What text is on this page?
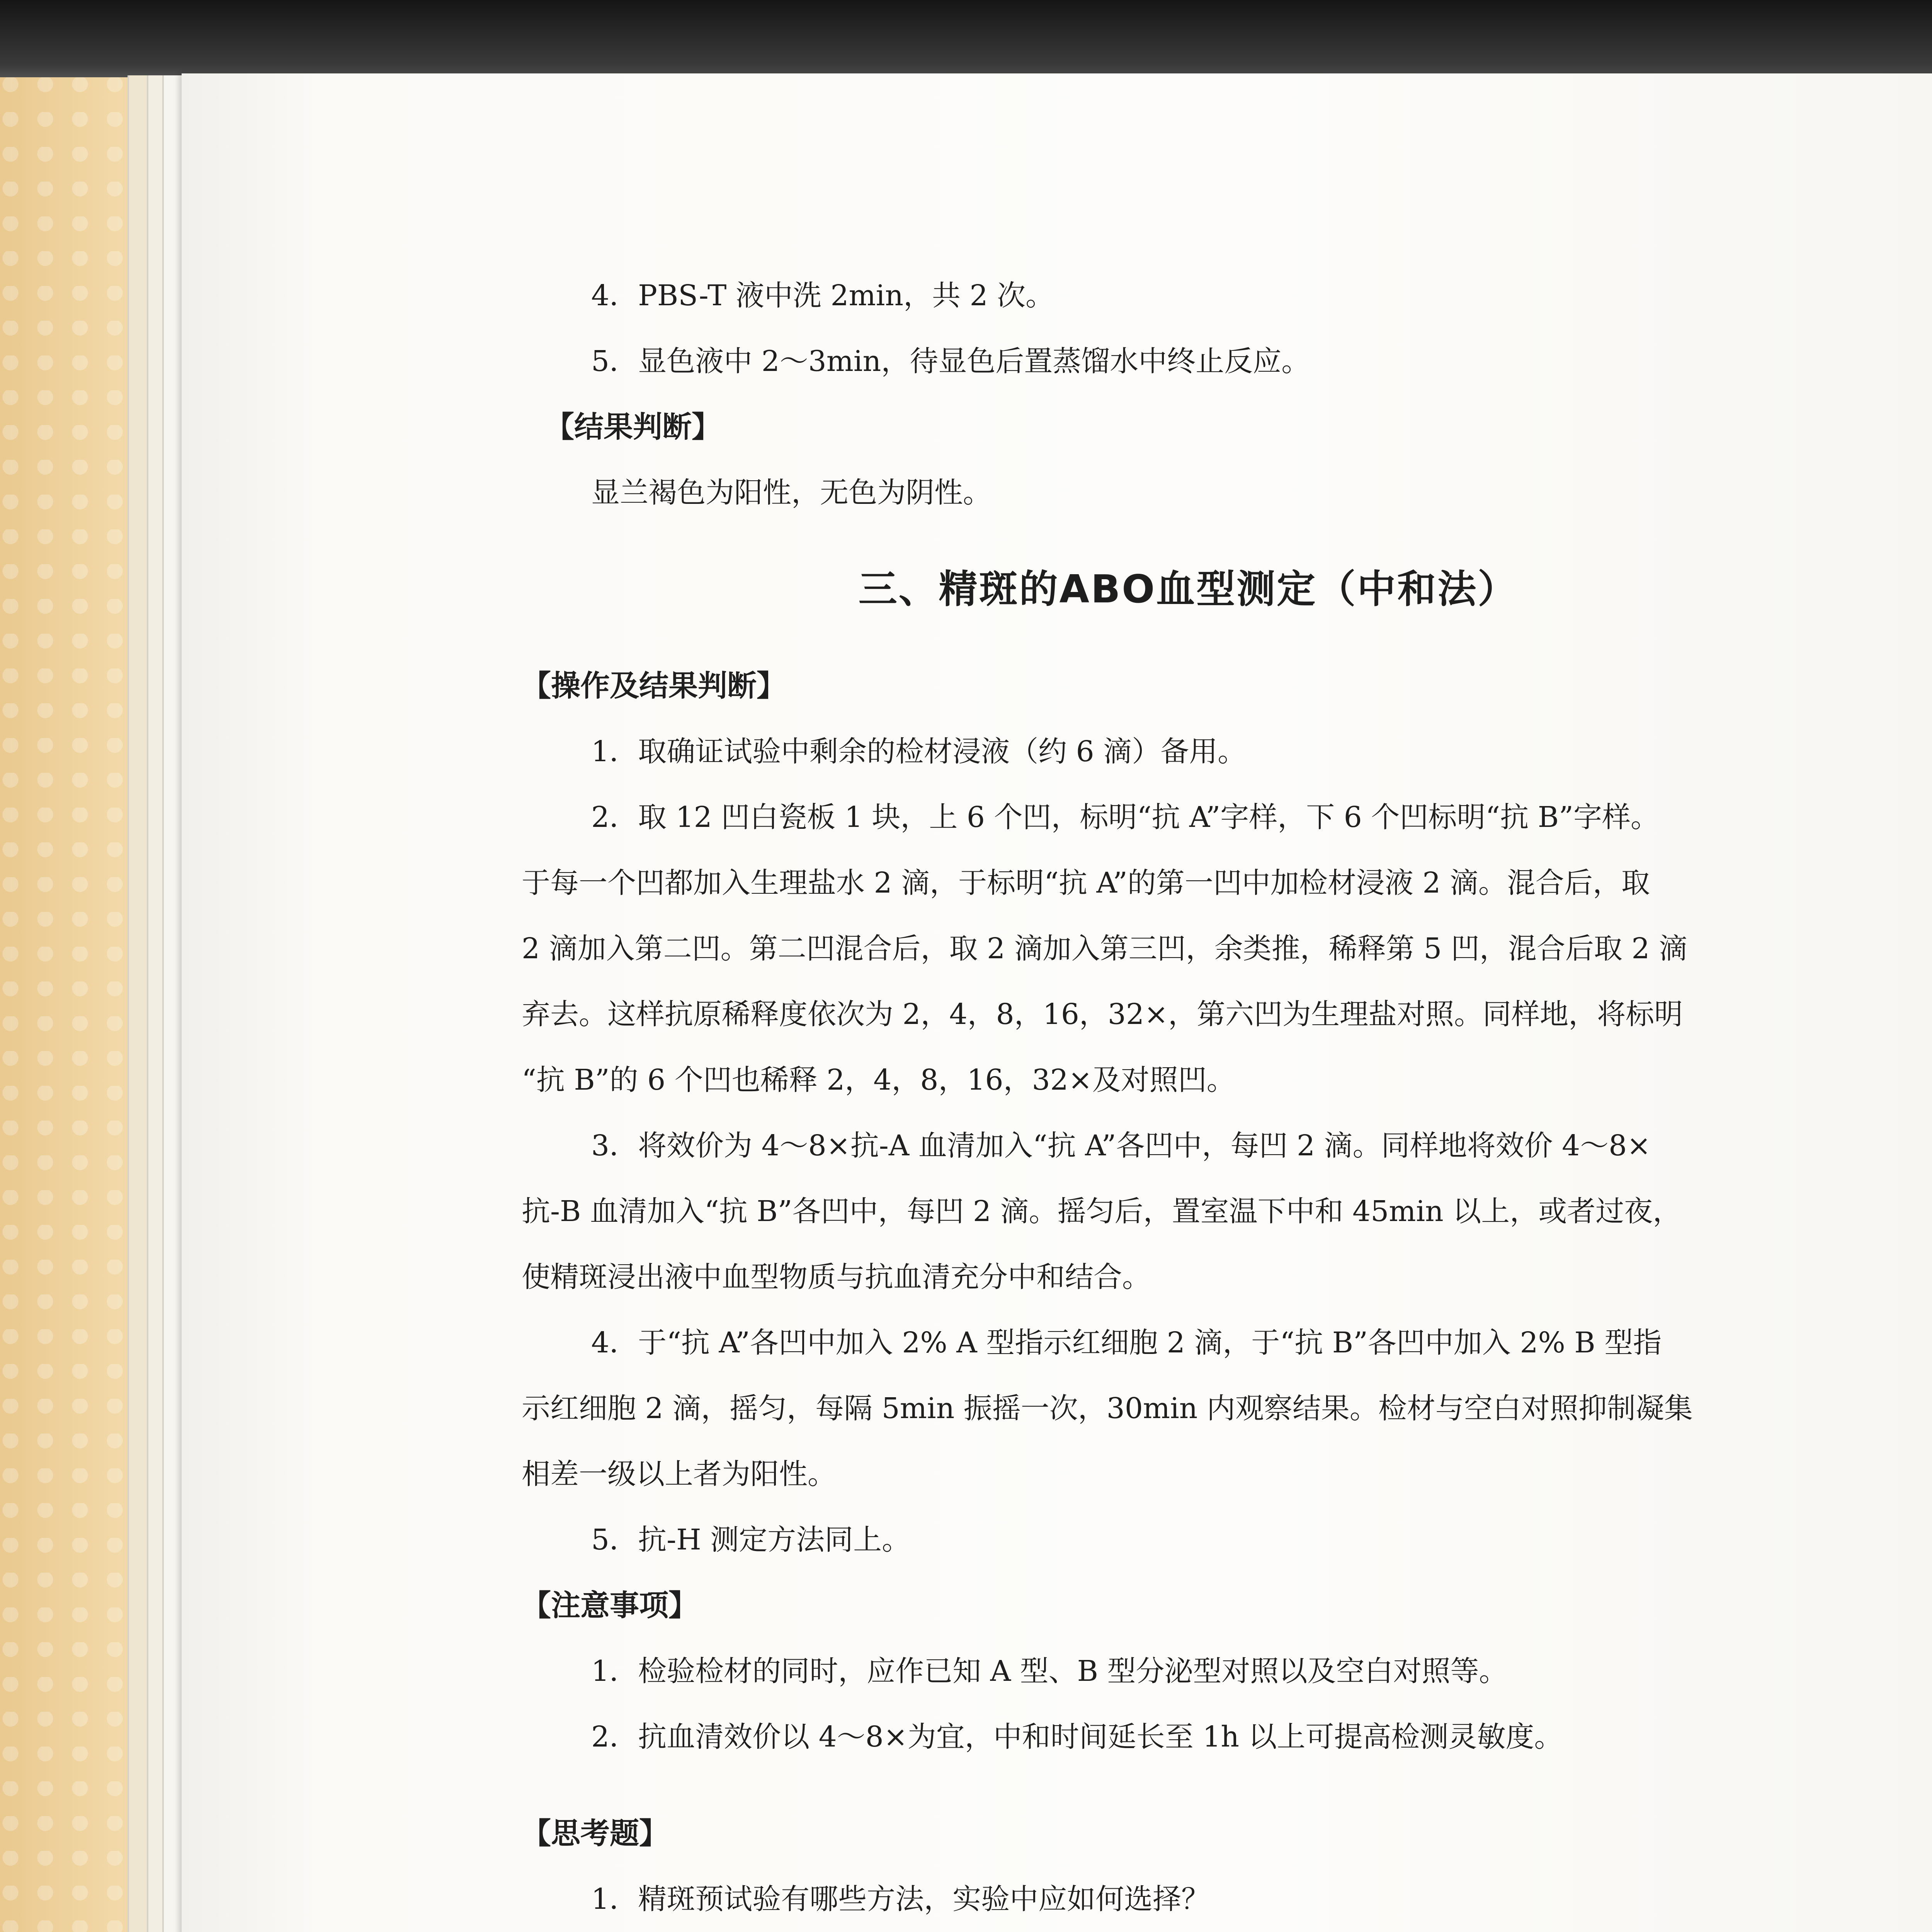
4．PBS-T 液中洗 2min，共 2 次。
5．显色液中 2～3min，待显色后置蒸馏水中终止反应。
【结果判断】
显兰褐色为阳性，无色为阴性。
三、精斑的ABO血型测定（中和法）
【操作及结果判断】
1．取确证试验中剩余的检材浸液（约 6 滴）备用。
2．取 12 凹白瓷板 1 块，上 6 个凹，标明“抗 A”字样，下 6 个凹标明“抗 B”字样。
于每一个凹都加入生理盐水 2 滴，于标明“抗 A”的第一凹中加检材浸液 2 滴。混合后，取
2 滴加入第二凹。第二凹混合后，取 2 滴加入第三凹，余类推，稀释第 5 凹，混合后取 2 滴
弃去。这样抗原稀释度依次为 2，4，8，16，32×，第六凹为生理盐对照。同样地，将标明
“抗 B”的 6 个凹也稀释 2，4，8，16，32×及对照凹。
3．将效价为 4～8×抗-A 血清加入“抗 A”各凹中，每凹 2 滴。同样地将效价 4～8×
抗-B 血清加入“抗 B”各凹中，每凹 2 滴。摇匀后，置室温下中和 45min 以上，或者过夜，
使精斑浸出液中血型物质与抗血清充分中和结合。
4．于“抗 A”各凹中加入 2% A 型指示红细胞 2 滴，于“抗 B”各凹中加入 2% B 型指
示红细胞 2 滴，摇匀，每隔 5min 振摇一次，30min 内观察结果。检材与空白对照抑制凝集
相差一级以上者为阳性。
5．抗-H 测定方法同上。
【注意事项】
1．检验检材的同时，应作已知 A 型、B 型分泌型对照以及空白对照等。
2．抗血清效价以 4～8×为宜，中和时间延长至 1h 以上可提高检测灵敏度。
【思考题】
1．精斑预试验有哪些方法，实验中应如何选择？
